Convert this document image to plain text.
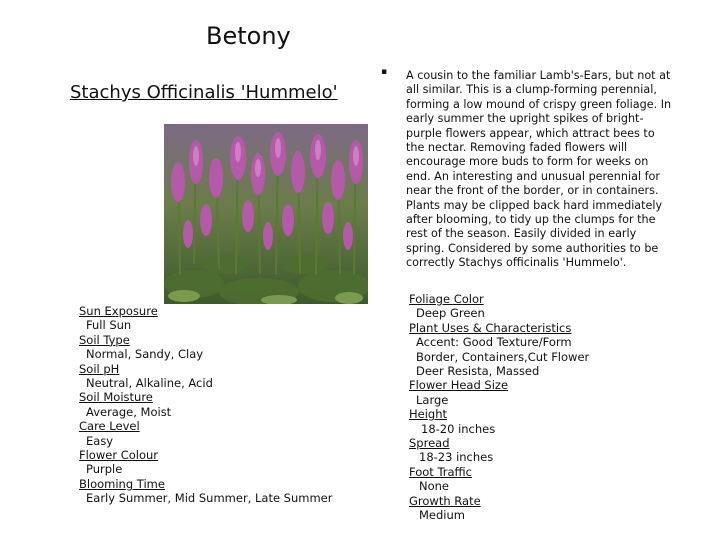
Betony
Stachys Officinalis 'Hummelo'
Sun Exposure
Full Sun
Soil Type
Normal, Sandy, Clay
Soil pH
Neutral, Alkaline, Acid
Soil Moisture
Average, Moist
Care Level
Easy
Flower Colour
Purple
Blooming Time
Early Summer, Mid Summer, Late Summer
▪ A cousin to the familiar Lamb's-Ears, but not at all similar. This is a clump-forming perennial, forming a low mound of crispy green foliage. In early summer the upright spikes of bright-purple flowers appear, which attract bees to the nectar. Removing faded flowers will encourage more buds to form for weeks on end. An interesting and unusual perennial for near the front of the border, or in containers. Plants may be clipped back hard immediately after blooming, to tidy up the clumps for the rest of the season. Easily divided in early spring. Considered by some authorities to be correctly Stachys officinalis 'Hummelo'.
Foliage Color
Deep Green
Plant Uses & Characteristics
Accent: Good Texture/Form
Border, Containers,Cut Flower
Deer Resista, Massed
Flower Head Size
Large
Height
18-20 inches
Spread
18-23 inches
Foot Traffic
None
Growth Rate
Medium
